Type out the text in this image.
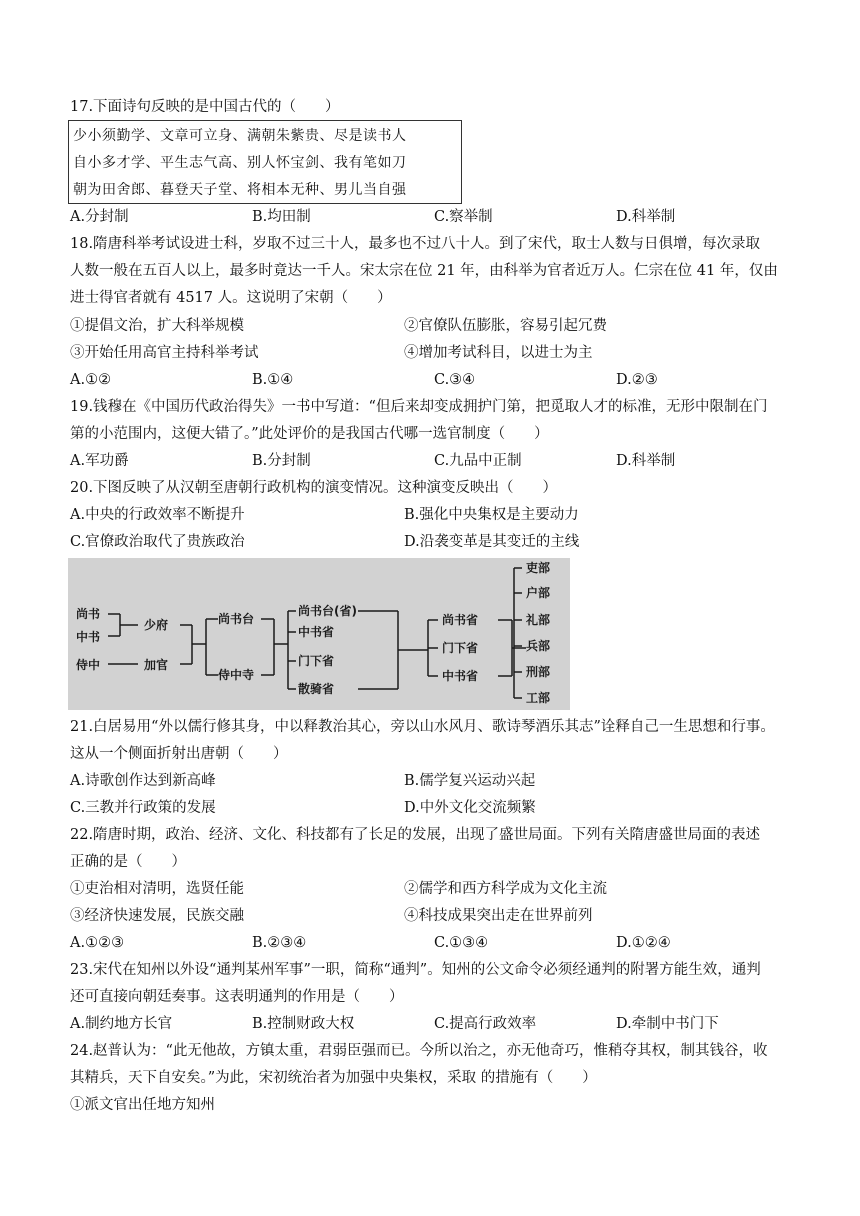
17.下面诗句反映的是中国古代的（　　）
少小须勤学、文章可立身、满朝朱紫贵、尽是读书人
自小多才学、平生志气高、别人怀宝剑、我有笔如刀
朝为田舍郎、暮登天子堂、将相本无种、男儿当自强
A.分封制	B.均田制	C.察举制	D.科举制
18.隋唐科举考试设进士科，岁取不过三十人，最多也不过八十人。到了宋代，取士人数与日俱增，每次录取
人数一般在五百人以上，最多时竟达一千人。宋太宗在位 21 年，由科举为官者近万人。仁宗在位 41 年，仅由
进士得官者就有 4517 人。这说明了宋朝（　　）
①提倡文治，扩大科举规模	②官僚队伍膨胀，容易引起冗费
③开始任用高官主持科举考试	④增加考试科目，以进士为主
A.①②	B.①④	C.③④	D.②③
19.钱穆在《中国历代政治得失》一书中写道：“但后来却变成拥护门第，把觅取人才的标准，无形中限制在门
第的小范围内，这便大错了。”此处评价的是我国古代哪一选官制度（　　）
A.军功爵	B.分封制	C.九品中正制	D.科举制
20.下图反映了从汉朝至唐朝行政机构的演变情况。这种演变反映出（　　）
A.中央的行政效率不断提升	B.强化中央集权是主要动力
C.官僚政治取代了贵族政治	D.沿袭变革是其变迁的主线
尚书
中书
侍中
少府
加官
尚书台
侍中寺
尚书台(省)
中书省
门下省
散骑省
尚书省
门下省
中书省
吏部
户部
礼部
兵部
刑部
工部
21.白居易用“外以儒行修其身，中以释教治其心，旁以山水风月、歌诗琴酒乐其志”诠释自己一生思想和行事。
这从一个侧面折射出唐朝（　　）
A.诗歌创作达到新高峰	B.儒学复兴运动兴起
C.三教并行政策的发展	D.中外文化交流频繁
22.隋唐时期，政治、经济、文化、科技都有了长足的发展，出现了盛世局面。下列有关隋唐盛世局面的表述
正确的是（　　）
①吏治相对清明，选贤任能	②儒学和西方科学成为文化主流
③经济快速发展，民族交融	④科技成果突出走在世界前列
A.①②③	B.②③④	C.①③④	D.①②④
23.宋代在知州以外设“通判某州军事”一职，简称“通判”。知州的公文命令必须经通判的附署方能生效，通判
还可直接向朝廷奏事。这表明通判的作用是（　　）
A.制约地方长官	B.控制财政大权	C.提高行政效率	D.牵制中书门下
24.赵普认为：“此无他故，方镇太重，君弱臣强而已。今所以治之，亦无他奇巧，惟稍夺其权，制其钱谷，收
其精兵，天下自安矣。”为此，宋初统治者为加强中央集权，采取 的措施有（　　）
①派文官出任地方知州
